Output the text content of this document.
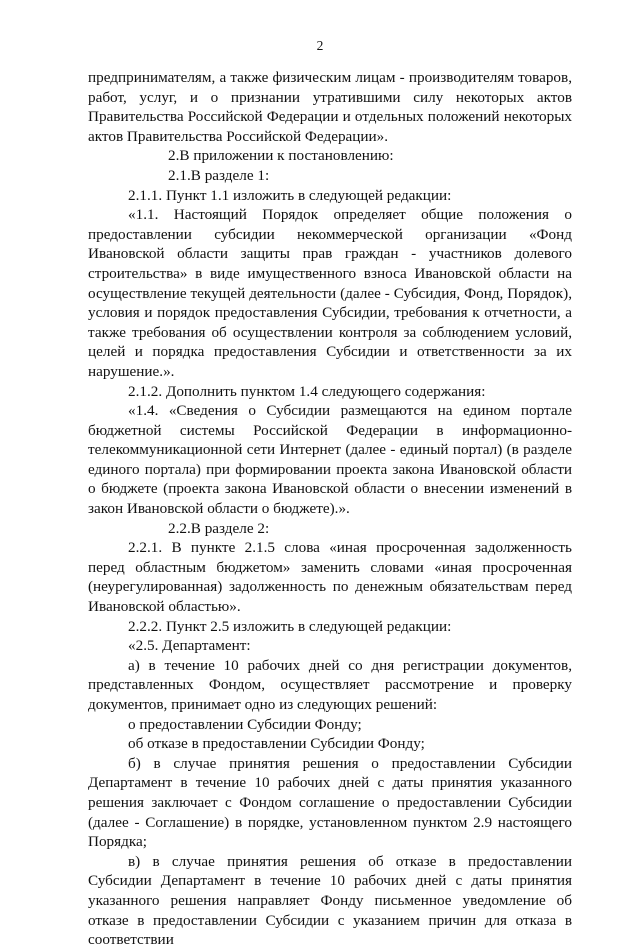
2

предпринимателям, а также физическим лицам - производителям товаров, работ, услуг, и о признании утратившими силу некоторых актов Правительства Российской Федерации и отдельных положений некоторых актов Правительства Российской Федерации».

2.В приложении к постановлению:

2.1.В разделе 1:

2.1.1. Пункт 1.1 изложить в следующей редакции:

«1.1. Настоящий Порядок определяет общие положения о предоставлении субсидии некоммерческой организации «Фонд Ивановской области защиты прав граждан - участников долевого строительства» в виде имущественного взноса Ивановской области на осуществление текущей деятельности (далее - Субсидия, Фонд, Порядок), условия и порядок предоставления Субсидии, требования к отчетности, а также требования об осуществлении контроля за соблюдением условий, целей и порядка предоставления Субсидии и ответственности за их нарушение.».

2.1.2. Дополнить пунктом 1.4 следующего содержания:

«1.4. «Сведения о Субсидии размещаются на едином портале бюджетной системы Российской Федерации в информационно-телекоммуникационной сети Интернет (далее - единый портал) (в разделе единого портала) при формировании проекта закона Ивановской области о бюджете (проекта закона Ивановской области о внесении изменений в закон Ивановской области о бюджете).».

2.2.В разделе 2:

2.2.1. В пункте 2.1.5 слова «иная просроченная задолженность перед областным бюджетом» заменить словами «иная просроченная (неурегулированная) задолженность по денежным обязательствам перед Ивановской областью».

2.2.2. Пункт 2.5 изложить в следующей редакции:

«2.5. Департамент:

а) в течение 10 рабочих дней со дня регистрации документов, представленных Фондом, осуществляет рассмотрение и проверку документов, принимает одно из следующих решений:

о предоставлении Субсидии Фонду;

об отказе в предоставлении Субсидии Фонду;

б) в случае принятия решения о предоставлении Субсидии Департамент в течение 10 рабочих дней с даты принятия указанного решения заключает с Фондом соглашение о предоставлении Субсидии (далее - Соглашение) в порядке, установленном пунктом 2.9 настоящего Порядка;

в) в случае принятия решения об отказе в предоставлении Субсидии Департамент в течение 10 рабочих дней с даты принятия указанного решения направляет Фонду письменное уведомление об отказе в предоставлении Субсидии с указанием причин для отказа в соответствии
